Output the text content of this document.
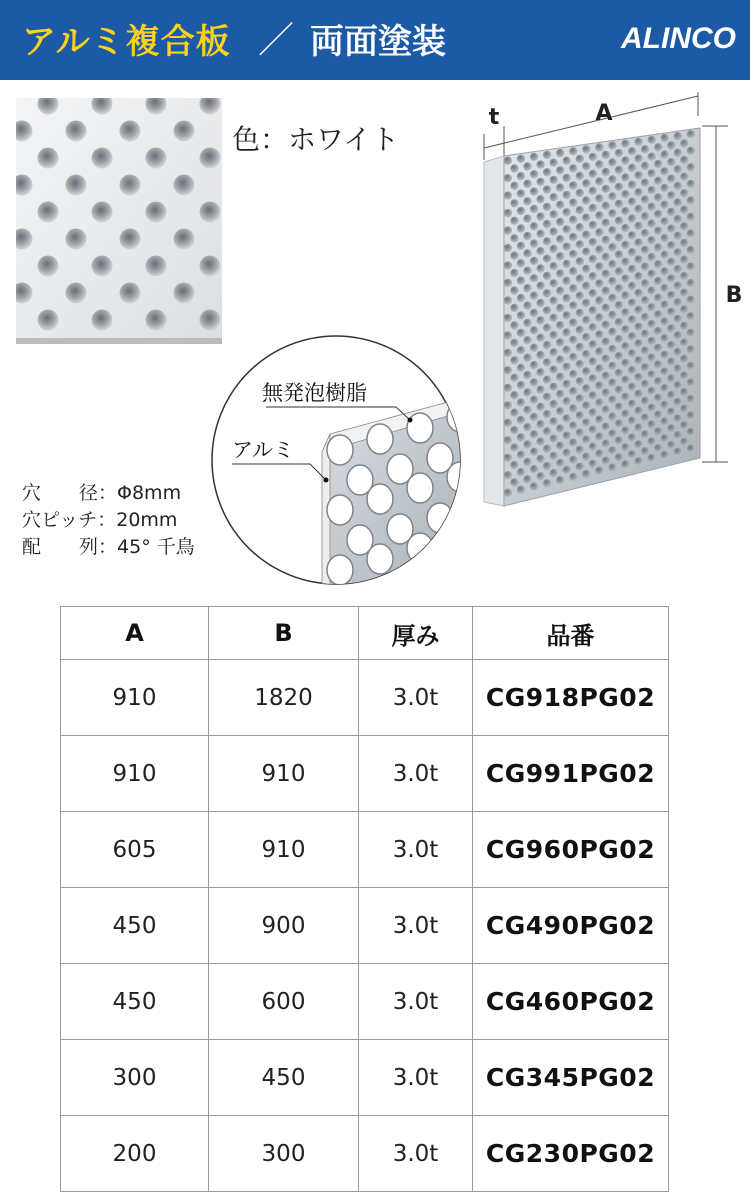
アルミ複合板 ／ 両面塗装	ALINCO
色：ホワイト
t	A
B
無発泡樹脂
アルミ
穴　　径：Φ8mm
穴ピッチ：20mm
配　　列：45° 千鳥
A	B	厚み	品番
910	1820	3.0t	CG918PG02
910	910	3.0t	CG991PG02
605	910	3.0t	CG960PG02
450	900	3.0t	CG490PG02
450	600	3.0t	CG460PG02
300	450	3.0t	CG345PG02
200	300	3.0t	CG230PG02
